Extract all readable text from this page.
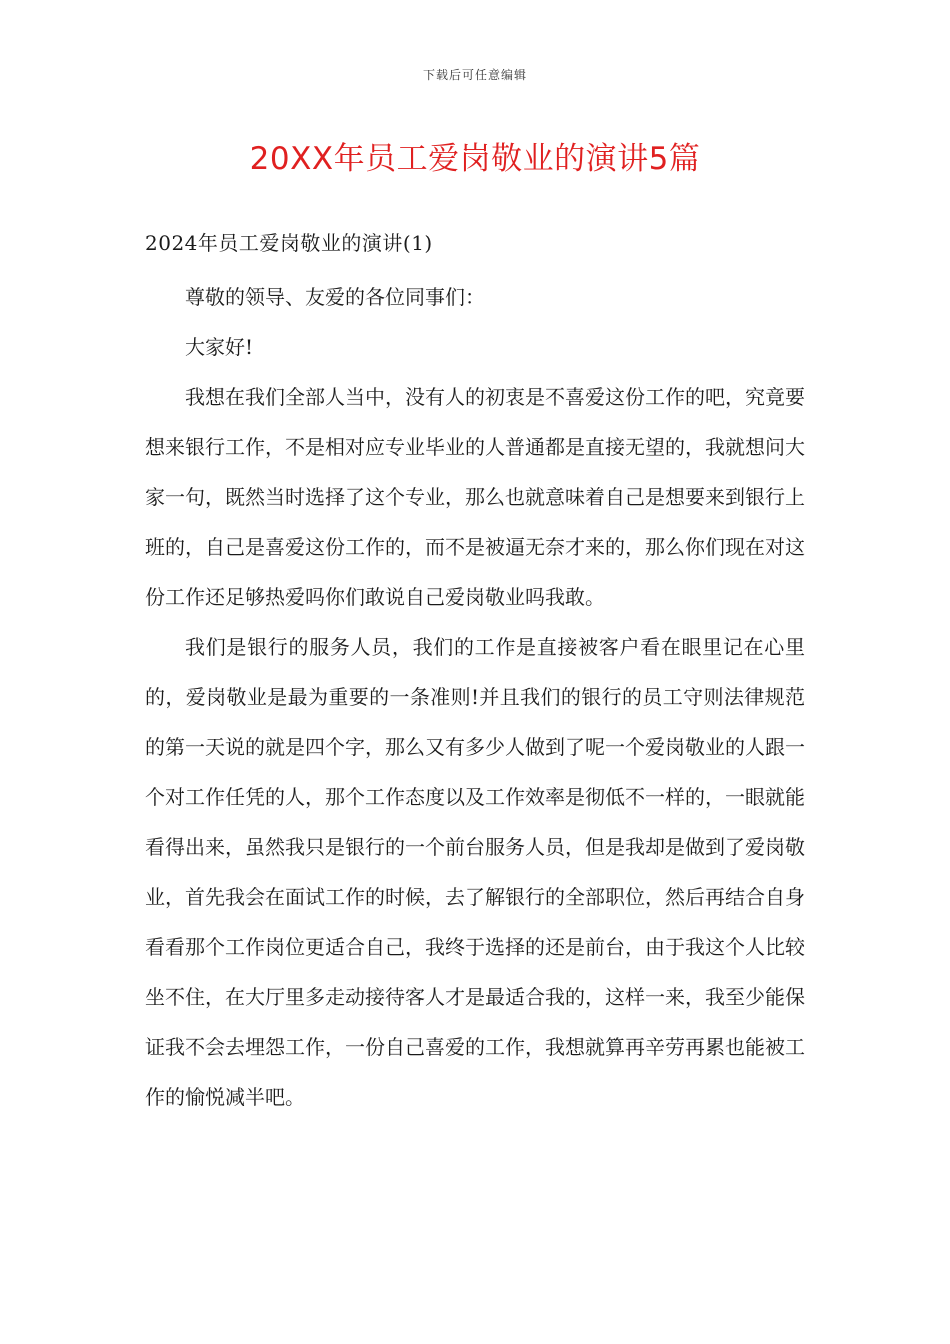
下载后可任意编辑
20XX年员工爱岗敬业的演讲5篇
2024年员工爱岗敬业的演讲(1)

尊敬的领导、友爱的各位同事们：

大家好!

我想在我们全部人当中，没有人的初衷是不喜爱这份工作的吧，究竟要想来银行工作，不是相对应专业毕业的人普通都是直接无望的，我就想问大家一句，既然当时选择了这个专业，那么也就意味着自己是想要来到银行上班的，自己是喜爱这份工作的，而不是被逼无奈才来的，那么你们现在对这份工作还足够热爱吗你们敢说自己爱岗敬业吗我敢。

我们是银行的服务人员，我们的工作是直接被客户看在眼里记在心里的，爱岗敬业是最为重要的一条准则!并且我们的银行的员工守则法律规范的第一天说的就是四个字，那么又有多少人做到了呢一个爱岗敬业的人跟一个对工作任凭的人，那个工作态度以及工作效率是彻低不一样的，一眼就能看得出来，虽然我只是银行的一个前台服务人员，但是我却是做到了爱岗敬业，首先我会在面试工作的时候，去了解银行的全部职位，然后再结合自身看看那个工作岗位更适合自己，我终于选择的还是前台，由于我这个人比较坐不住，在大厅里多走动接待客人才是最适合我的，这样一来，我至少能保证我不会去埋怨工作，一份自己喜爱的工作，我想就算再辛劳再累也能被工作的愉悦减半吧。
